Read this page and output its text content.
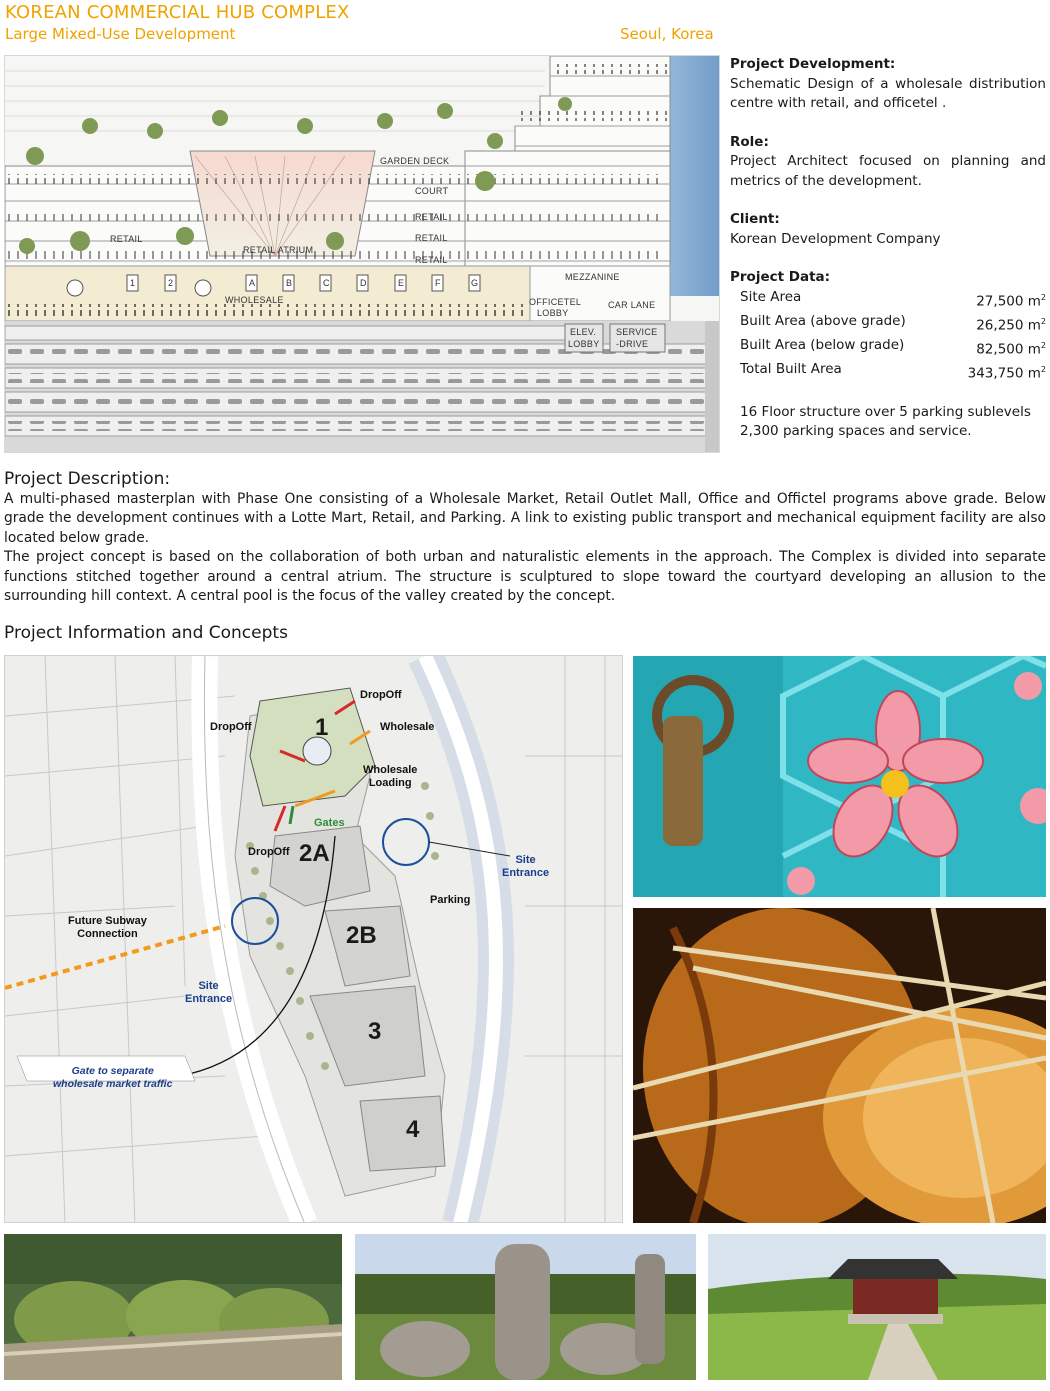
KOREAN COMMERCIAL HUB COMPLEX
Large Mixed-Use Development	Seoul, Korea
GARDEN DECK
COURT
RETAIL
RETAIL
RETAIL
RETAIL
RETAIL ATRIUM
MEZZANINE
WHOLESALE	OFFICETEL
LOBBY
CAR LANE
ELEV.
LOBBY
SERVICE
-DRIVE
1	2	A	B	C	D	E	F	G
Project Development:
Schematic Design of a wholesale distribution centre with retail, and officetel .
Role:
Project Architect focused on planning and metrics of the development.
Client:
Korean Development Company
Project Data:
Site Area	27,500 $m^2$
Built Area (above grade)	26,250 $m^2$
Built Area (below grade)	82,500 $m^2$
Total Built Area	343,750 $m^2$
16 Floor structure over 5 parking sublevels
2,300 parking spaces and service.
Project Description:
A multi-phased masterplan with Phase One consisting of a Wholesale Market, Retail Outlet Mall, Office and Offictel programs above grade. Below grade the development continues with a Lotte Mart, Retail, and Parking. A link to existing public transport and mechanical equipment facility are also located below grade.
The project concept is based on the collaboration of both urban and naturalistic elements in the approach. The Complex is divided into separate functions stitched together around a central atrium. The structure is sculptured to slope toward the courtyard developing an allusion to the surrounding hill context. A central pool is the focus of the valley created by the concept.
Project Information and Concepts
DropOff
DropOff	Wholesale
Wholesale
Loading
Gates
DropOff
Site
Entrance
Parking
Future Subway
Connection
Site
Entrance
Gate to separate
wholesale market traffic
1
2A
2B
3
4
